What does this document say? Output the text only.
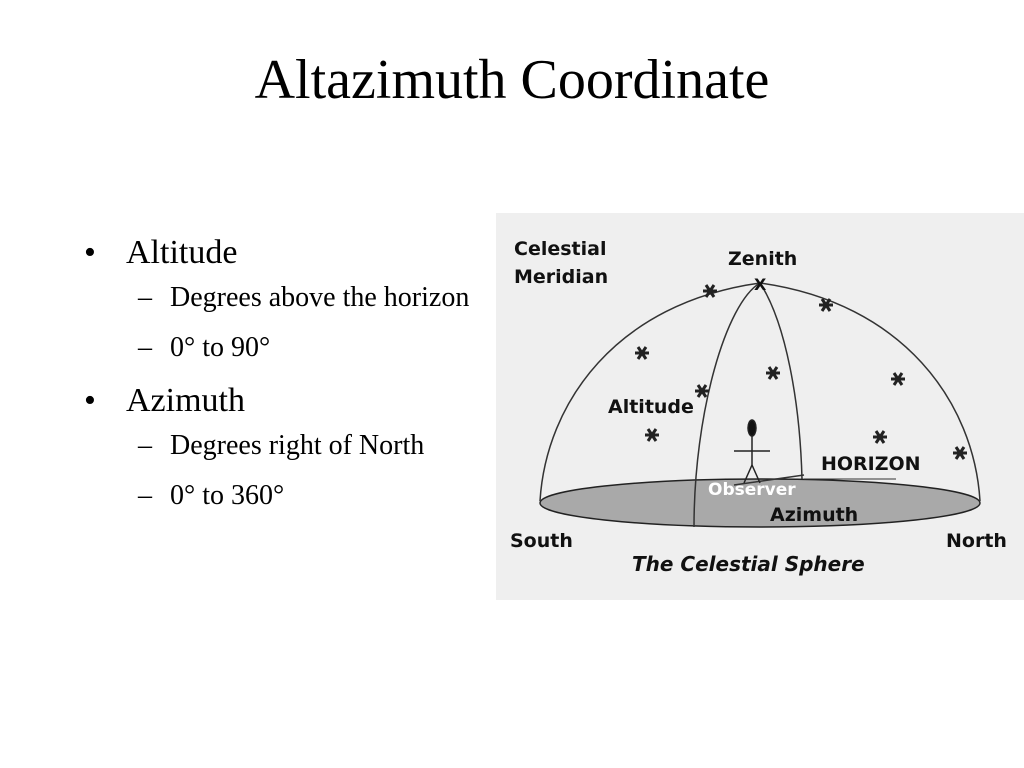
Altazimuth Coordinate
• Altitude
– Degrees above the horizon
– 0° to 90°
• Azimuth
– Degrees right of North
– 0° to 360°
Celestial
Meridian
Zenith
X
Altitude
HORIZON
Observer
Azimuth
South	North
The Celestial Sphere
